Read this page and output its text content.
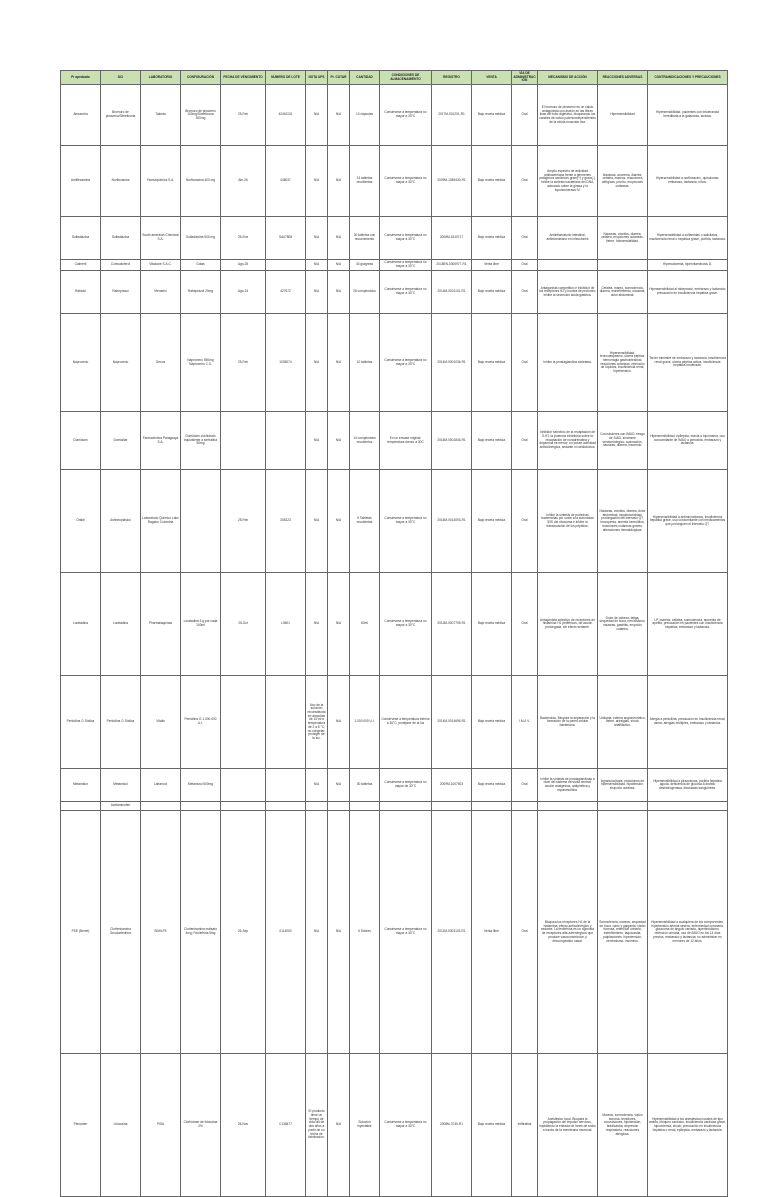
Pr aprobado	DCI	LABORATORIO	CONFIGURACIÓN	FECHA DE VENCIMIENTO	NÚMERO DE LOTE	NOTA UPS	Pr. CUTAR	CANTIDAD	CONDICIONES DE ALMACENAMIENTO	REGISTRO	VENTA	VÍA DE ADMINISTRACIÓN	MECANISMO DE ACCIÓN	REACCIONES ADVERSAS	CONTRAINDICACIONES Y PRECAUCIONES
Alexandra	Bromuro de pinaverio/Simeticona	Takeda	Bromuro de pinaverio 100mg/Simeticona 300mg	25-Feb	42461131	N/A	N/A	10 cápsulas	Consérvese a temperatura no mayor a 30°C	2017M-001201-R1	Bajo receta médica	Oral	El bromuro de pinaverio es un calcio antagonista con acción en las fibras lisas del tubo digestivo, bloqueando los canales de calcio potenciodependientes de la célula muscular lisa.	Hipersensibilidad	Hipersensibilidad, pacientes con intolerancia hereditaria a la galactosa, lactosa.
Amiflexamina	Norfloxacina	Farmaquímica S.A.	Norfloxacina 400 mg	Abr-26	448037	N/A	N/A	14 tabletas recubiertas	Consérvese a temperatura no mayor a 30°C	2009M-1089430-R1	Bajo receta médica	Oral	Amplio espectro de actividad antibacteriana frente a gérmenes patógenos aeróbicos gram(+) y gram(-). Inhibe la síntesis bacteriana del DNA, actuando sobre la girasa y la topoisomerasa IV.	Náuseas, anorexia, diarrea, cefalea, mareos, reacciones alérgicas, prurito, erupciones cutáneas.	Hipersensibilidad a norfloxacino, quinolonas; embarazo, lactancia, niños.
Sulfadiacina	Sulfadiacina	South american Chemical S.A.	Sulfadiacina 500 mg	25-Ene	SA07808	N/A	N/A	30 tabletas con recubrimiento	Consérvese a temperatura no mayor a 30°C	2008M-1810717	Bajo receta médica	Oral	Antiinflamatorio intestinal, antimicrobiano en infecciones	Náuseas, vómitos, diarrea, cefalea, erupciones cutáneas, fiebre, fotosensibilidad.	Hipersensibilidad a sulfamidas o salicilatos, insuficiencia renal o hepática grave, porfiria, lactancia.
Calmeril	Colecalciferol	Vitalcare S.A.C.	Gotas	Ago-25		N/A	N/A	30 gragreas	Consérvese a temperatura no mayor a 30°C	2018EN-0300977-R1	Venta libre	Oral			Hipercalcemia, hipervitaminosis D.
Rabidol	Rabeprazol	Menarini	Rabeprazol 20mg	Ago-24	427672	N/A	N/A	28 comprimidos	Consérvese a temperatura no mayor a 30°C	2014M-0001101-R1	Bajo receta médica	Oral	Antagonista competitivo e inhibidor de los receptores H2 y bomba de protones; inhibe la secreción ácida gástrica.	Cefalea, mareo, somnolencia, diarrea, estreñimiento, náuseas, dolor abdominal.	Hipersensibilidad al rabeprazol, embarazo y lactancia; precaución en insuficiencia hepática grave.
Naproxeno	Naproxeno	Genuz	Naproxeno 550mg Naproxeno C.S.	25-Feb	1005074	N/A	N/A	10 tabletas	Consérvese a temperatura no mayor a 30°C	2014M-0001036-R1	Bajo receta médica	Oral	Inhibe la prostaglandina sintetasa.	Hipersensibilidad, broncoespasmo, úlcera péptica, hemorragia gastrointestinal, reacciones cutáneas, retención de líquidos, insuficiencia renal, hipertensión.	Tercer trimestre de embarazo y lactancia, insuficiencia renal grave, úlcera péptica activa, insuficiencia hepática moderada.
Domiclam	Domiciliar	Farmacéutica Paraguaya S.A.	Domiclam clorhidrato equivalente a sertralina 50mg			N/A	N/A	14 comprimidos recubiertos	En un envase original, temperatura menor a 30C	2016M-0001846-R1	Bajo receta médica	Oral	Inhibidor selectivo de la recaptación de 5-HT; la potencia inhibitoria sobre la recaptación de noradrenalina y dopamina es menor; no posee actividad anticolinérgica, sedante ni cardiotóxica.	Convulsiones con IMAO, riesgo de SIAD, síndrome serotoninérgico, sudoración, náuseas, diarrea, insomnio.	Hipersensibilidad, epilepsia, manía o hipomanía, uso concomitante de IMAO o pimozida, embarazo y lactancia.
Oralib	Antineoplásico	Laboratorio Químico Lako Ragano Colombia		25-Feb	308123	N/A	N/A	5 Tabletas recubiertas	Consérvese a temperatura no mayor a 30°C	2016M-0014093-R1	Bajo receta médica	Oral	Inhibe la síntesis de proteínas bacterianas por unión a la subunidad 50S del ribosoma e inhibe la translocación de los péptidos.	Náuseas, vómitos, diarrea, dolor abdominal, hepatotoxicidad, prolongación del intervalo QT, leucopenia, anemia hemolítica, reacciones cutáneas graves, alteraciones hematológicas.	Hipersensibilidad a antimicrobianos, insuficiencia hepática grave, uso concomitante con medicamentos que prolonguen el intervalo QT.
Loratadina	Loratadina	Pharmalaquinas	Loratadina 5 g por cada 100ml	25-Oct	L0601	N/A	N/A	60ml	Consérvese a temperatura no mayor a 30°C	2013M-0007795-R1	Bajo receta médica	Oral	Antagonista selectivo de receptores de histamina H1 periféricos, de acción prolongada, sin efecto sedante.	Dolor de cabeza, fatiga, sequedad de boca, nerviosismo, náuseas, gastritis, erupción cutánea.	LP, mareos, cefalea, somnolencia, aumento de apetito; precaución en pacientes con insuficiencia hepática; embarazo y lactancia.
Penicilina G Sódica	Penicilina G Sódica	Vitalis	Penicilina G 1.000.000 U.I.			Uso de la solución reconstituida en ampollas de 10 ml a temperatura de 2 a 8 °C; no congelar; proteger de la luz.	N/A	1.000.000 U.I.	Consérvese a temperatura inferior a 30°C; protéjase de la luz	2014M-0014696-R1	Bajo receta médica	I.M./I.V.	Bactericida. Bloquea la separación y la formación de la pared celular bacteriana.	Urticaria, edema angioneurótico, fiebre, artralgias, shock anafiláctico.	Alergia a penicilina; precaución en insuficiencia renal, asma, alergias múltiples, embarazo y lactancia.
Metamidor	Metamizol	Lafrancol	Metamizol 500mg			N/A	N/A	30 tabletas	Consérvese a temperatura no mayor de 30°C	2009M-1007503	Bajo receta médica	Oral	Inhibe la síntesis de prostaglandinas a nivel del sistema nervioso central; acción analgésica, antipirética y espasmolítica.	Agranulocitosis, reacciones de hipersensibilidad, hipotensión, erupción cutánea.	Hipersensibilidad a pirazolonas, porfiria hepática aguda, deficiencia de glucosa-6-fosfato deshidrogenasa, discrasias sanguíneas.
	Acetaminofen														
PSE (Benet)	Clorfeniramina Seudoefedrina	SIMILFE	Clorfeniramina maleato 4mg; Fenilefrina 5mg	25-Sep	0114003	N/A	N/A	6 Sobres	Consérvese a temperatura no mayor a 30°C	2011M-0003103-R1	Venta libre	Oral	Bloquea los receptores H1 de la histamina; efecto anticolinérgico y sedante. La fenilefrina es un agonista de receptores alfa-adrenérgicos que produce vasoconstricción y descongestión nasal.	Somnolencia, mareos, sequedad de boca, nariz y garganta, visión borrosa, retención urinaria, estreñimiento, taquicardia, palpitaciones, hipertensión, nerviosismo, insomnio.	Hipersensibilidad a cualquiera de los componentes, hipertensión arterial severa, enfermedad coronaria, glaucoma de ángulo cerrado, hipertiroidismo, retención urinaria, uso de IMAO en los 14 días previos, embarazo y lactancia; no administrar en menores de 12 años.
Plenamer	Lidocaína	PISA	Clorhidrato de lidocaína 2%	26-Nov	C138477	El producto tiene un tiempo de vida útil de dos años a partir de su fecha de fabricación.	N/A	Solución inyectable	Consérvese a temperatura no mayor a 30°C	2008M-7035-R1	Bajo receta médica	Infiltrativa	Anestésico local. Bloquea la propagación del impulso nervioso, impidiendo la entrada de iones de sodio a través de la membrana neuronal.	Mareos, somnolencia, visión borrosa, temblores, convulsiones, hipotensión, bradicardia, depresión respiratoria, reacciones alérgicas.	Hipersensibilidad a los anestésicos locales de tipo amida, bloqueo cardíaco, insuficiencia cardíaca grave, hipovolemia, shock; precaución en insuficiencia hepática o renal, epilepsia, embarazo y lactancia.
